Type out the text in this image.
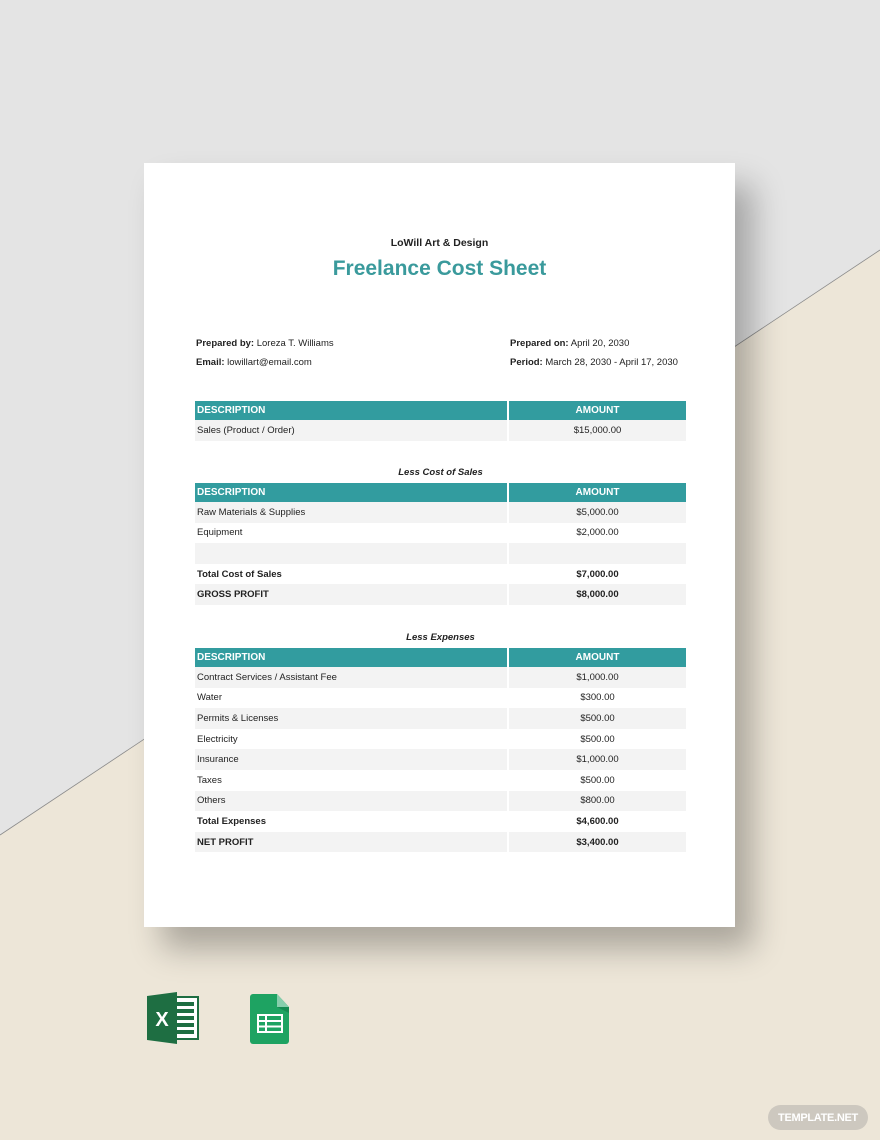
LoWill Art & Design
Freelance Cost Sheet
Prepared by: Loreza T. Williams
Email: lowillart@email.com
Prepared on: April 20, 2030
Period: March 28, 2030 - April 17, 2030
DESCRIPTION	AMOUNT
Sales (Product / Order)	$15,000.00
Less Cost of Sales
DESCRIPTION	AMOUNT
Raw Materials & Supplies	$5,000.00
Equipment	$2,000.00
Total Cost of Sales	$7,000.00
GROSS PROFIT	$8,000.00
Less Expenses
DESCRIPTION	AMOUNT
Contract Services / Assistant Fee	$1,000.00
Water	$300.00
Permits & Licenses	$500.00
Electricity	$500.00
Insurance	$1,000.00
Taxes	$500.00
Others	$800.00
Total Expenses	$4,600.00
NET PROFIT	$3,400.00
X
TEMPLATE.NET
